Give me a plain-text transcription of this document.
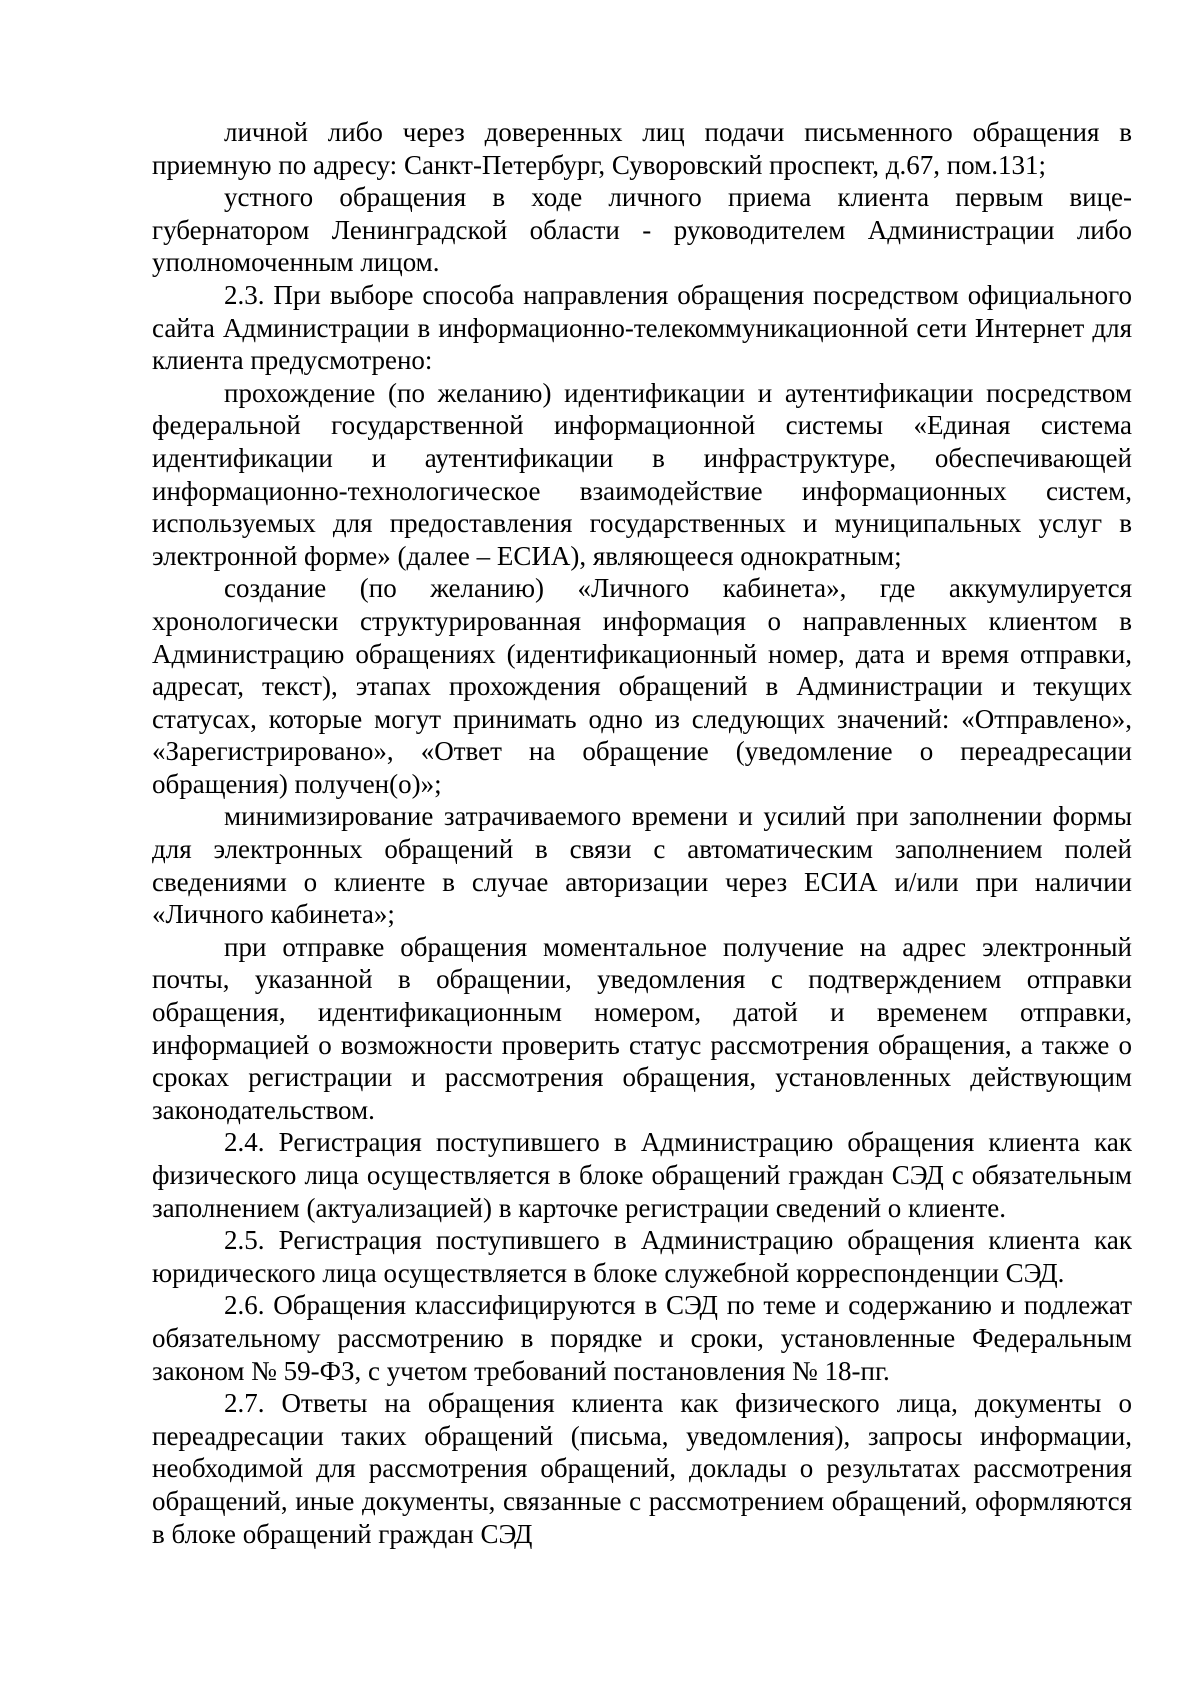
личной либо через доверенных лиц подачи письменного обращения в приемную по адресу: Санкт-Петербург, Суворовский проспект, д.67, пом.131;

устного обращения в ходе личного приема клиента первым вице-губернатором Ленинградской области - руководителем Администрации либо уполномоченным лицом.

2.3. При выборе способа направления обращения посредством официального сайта Администрации в информационно-телекоммуникационной сети Интернет для клиента предусмотрено:

прохождение (по желанию) идентификации и аутентификации посредством федеральной государственной информационной системы «Единая система идентификации и аутентификации в инфраструктуре, обеспечивающей информационно-технологическое взаимодействие информационных систем, используемых для предоставления государственных и муниципальных услуг в электронной форме» (далее – ЕСИА), являющееся однократным;

создание (по желанию) «Личного кабинета», где аккумулируется хронологически структурированная информация о направленных клиентом в Администрацию обращениях (идентификационный номер, дата и время отправки, адресат, текст), этапах прохождения обращений в Администрации и текущих статусах, которые могут принимать одно из следующих значений: «Отправлено», «Зарегистрировано», «Ответ на обращение (уведомление о переадресации обращения) получен(о)»;

минимизирование затрачиваемого времени и усилий при заполнении формы для электронных обращений в связи с автоматическим заполнением полей сведениями о клиенте в случае авторизации через ЕСИА и/или при наличии «Личного кабинета»;

при отправке обращения моментальное получение на адрес электронный почты, указанной в обращении, уведомления с подтверждением отправки обращения, идентификационным номером, датой и временем отправки, информацией о возможности проверить статус рассмотрения обращения, а также о сроках регистрации и рассмотрения обращения, установленных действующим законодательством.

2.4. Регистрация поступившего в Администрацию обращения клиента как физического лица осуществляется в блоке обращений граждан СЭД с обязательным заполнением (актуализацией) в карточке регистрации сведений о клиенте.

2.5. Регистрация поступившего в Администрацию обращения клиента как юридического лица осуществляется в блоке служебной корреспонденции СЭД.

2.6. Обращения классифицируются в СЭД по теме и содержанию и подлежат обязательному рассмотрению в порядке и сроки, установленные Федеральным законом № 59-ФЗ, с учетом требований постановления № 18-пг.

2.7. Ответы на обращения клиента как физического лица, документы о переадресации таких обращений (письма, уведомления), запросы информации, необходимой для рассмотрения обращений, доклады о результатах рассмотрения обращений, иные документы, связанные с рассмотрением обращений, оформляются в блоке обращений граждан СЭД
